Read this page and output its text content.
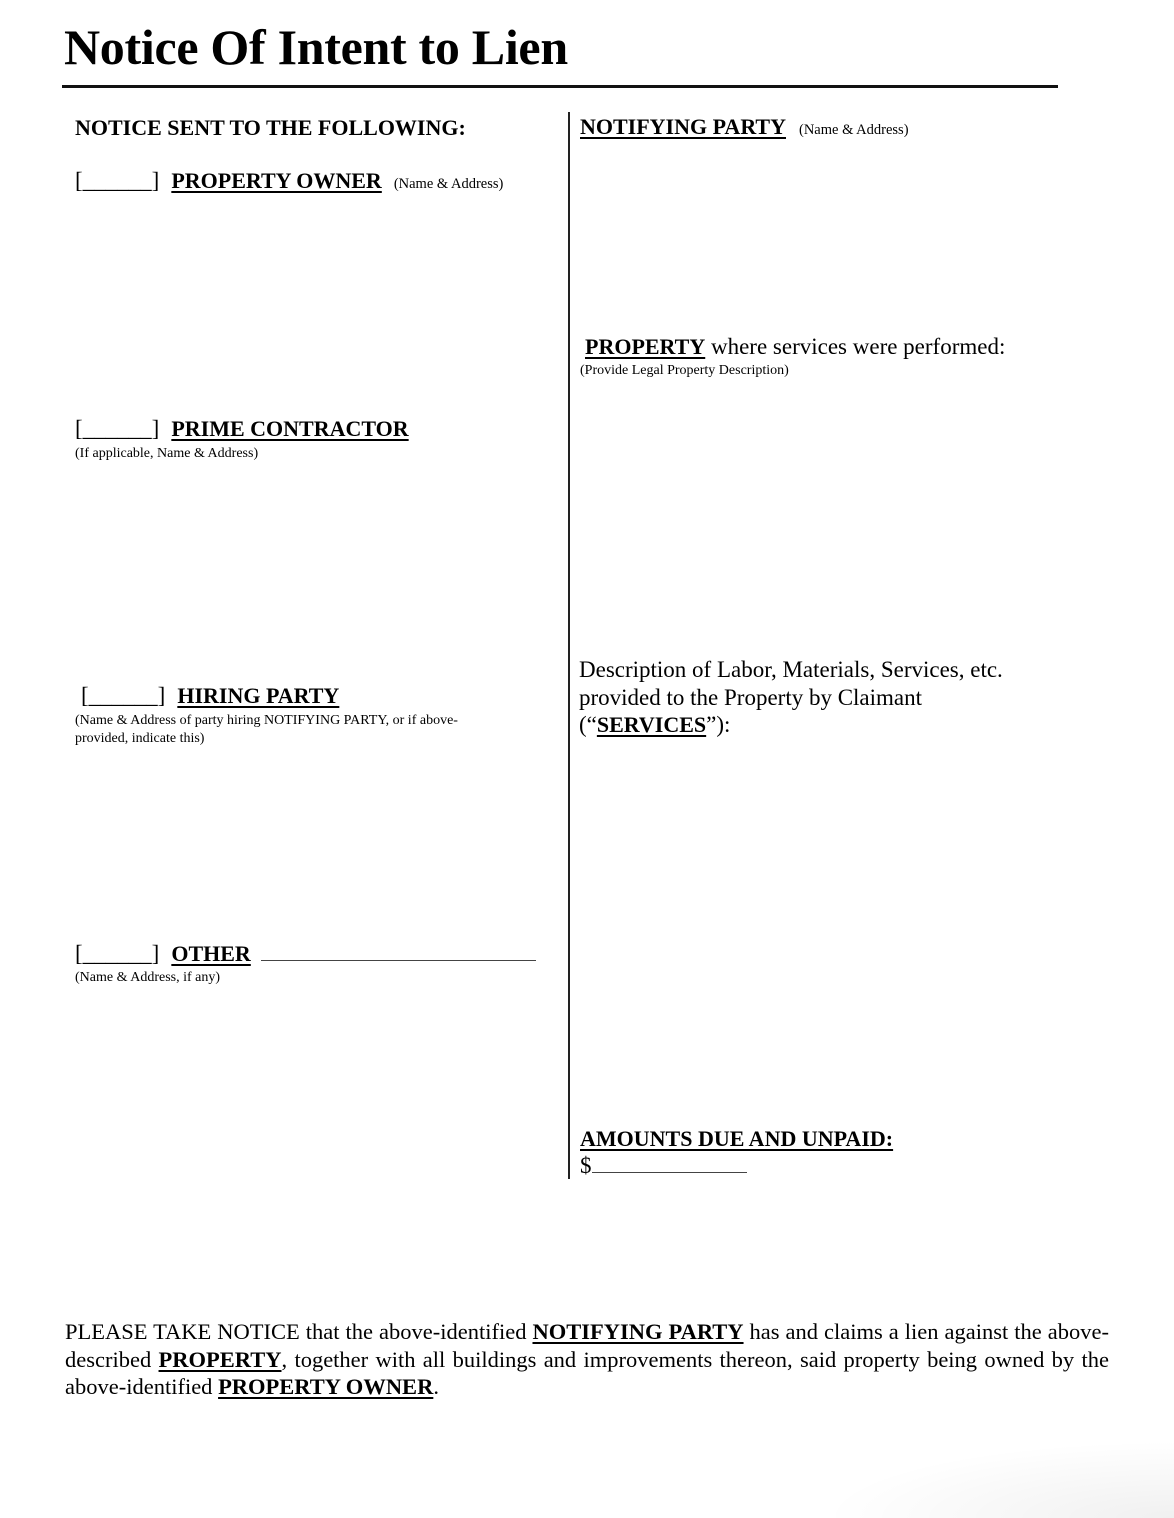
Notice Of Intent to Lien
NOTICE SENT TO THE FOLLOWING:
[______] PROPERTY OWNER (Name & Address)
[______] PRIME CONTRACTOR
(If applicable, Name & Address)
[______] HIRING PARTY
(Name & Address of party hiring NOTIFYING PARTY, or if above-
provided, indicate this)
[______] OTHER
(Name & Address, if any)
NOTIFYING PARTY (Name & Address)
PROPERTY where services were performed:
(Provide Legal Property Description)
Description of Labor, Materials, Services, etc.
provided to the Property by Claimant
(“SERVICES”):
AMOUNTS DUE AND UNPAID:
$
PLEASE TAKE NOTICE that the above-identified NOTIFYING PARTY has and claims a lien against the above-described PROPERTY, together with all buildings and improvements thereon, said property being owned by the above-identified PROPERTY OWNER.
